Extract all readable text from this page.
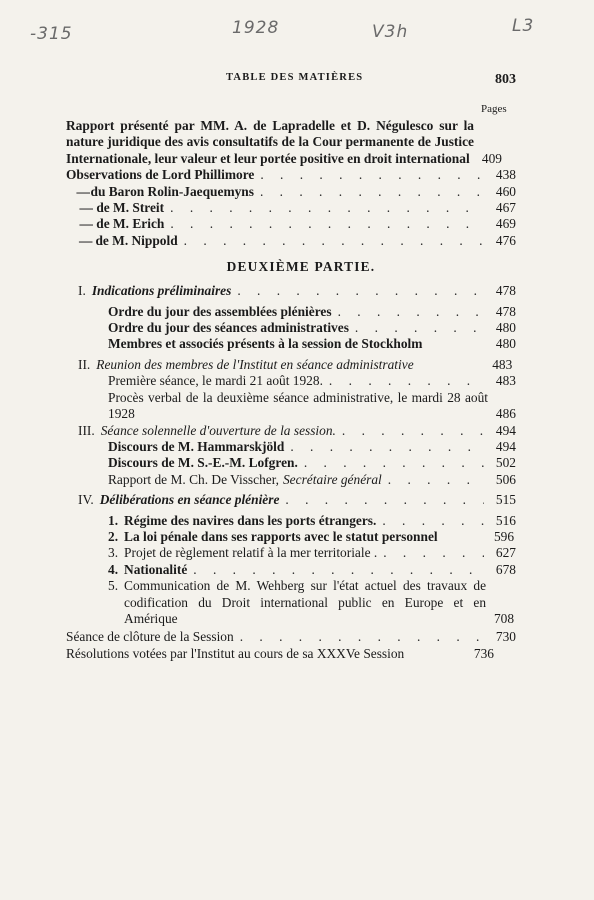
-315	1928	V3h	L3
TABLE DES MATIÈRES	803
Pages
Rapport présenté par MM. A. de Lapradelle et D. Négulesco sur la nature juridique des avis consultatifs de la Cour permanente de Justice Internationale, leur valeur et leur portée positive en droit international 409
Observations de Lord Phillimore . . .	438
— du Baron Rolin-Jaequemyns . . .	460
— de M. Streit . . .	467
— de M. Erich . . .	469
— de M. Nippold . . .	476
DEUXIÈME PARTIE.
I. Indications préliminaires . . .	478
Ordre du jour des assemblées plénières . . .	478
Ordre du jour des séances administratives . . .	480
Membres et associés présents à la session de Stockholm	480
II. Reunion des membres de l'Institut en séance administrative	483
Première séance, le mardi 21 août 1928. . . .	483
Procès verbal de la deuxième séance administrative, le mardi 28 août 1928	486
III. Séance solennelle d'ouverture de la session. . . .	494
Discours de M. Hammarskjöld . . .	494
Discours de M. S.-E.-M. Lofgren. . . .	502
Rapport de M. Ch. De Visscher, Secrétaire général . . .	506
IV. Délibérations en séance plénière . . .	515
1. Régime des navires dans les ports étrangers. . . .	516
2. La loi pénale dans ses rapports avec le statut personnel	596
3. Projet de règlement relatif à la mer territoriale . . . .	627
4. Nationalité . . .	678
5. Communication de M. Wehberg sur l'état actuel des travaux de codification du Droit international public en Europe et en Amérique	708
Séance de clôture de la Session . . .	730
Résolutions votées par l'Institut au cours de sa XXXVe Session	736
